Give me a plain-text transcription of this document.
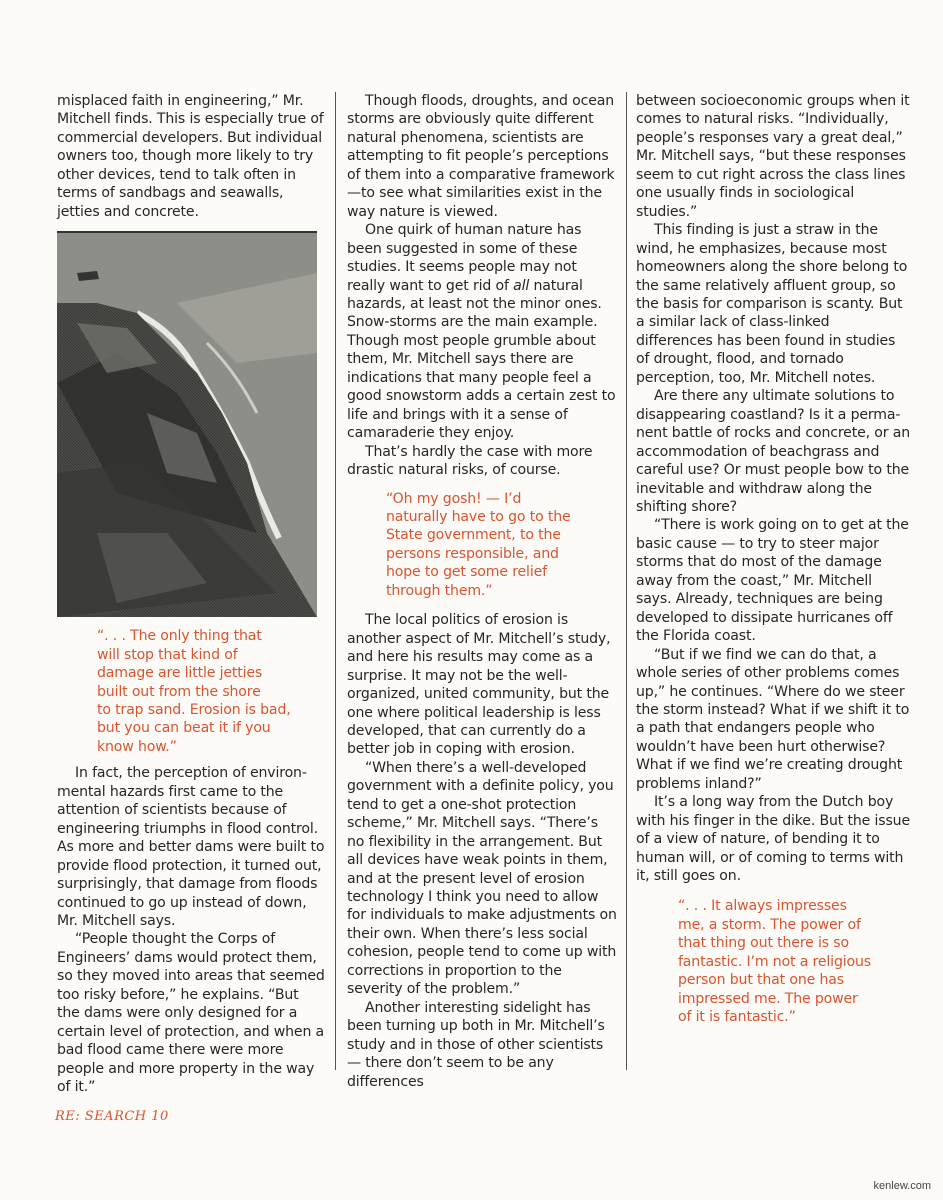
misplaced faith in engineering,” Mr. Mitchell finds. This is especially true of commercial developers. But individual owners too, though more likely to try other devices, tend to talk often in terms of sandbags and seawalls, jetties and concrete.

“. . . The only thing that
will stop that kind of
damage are little jetties
built out from the shore
to trap sand. Erosion is bad,
but you can beat it if you
know how.”

In fact, the perception of environ-mental hazards first came to the attention of scientists because of engineering triumphs in flood control. As more and better dams were built to provide flood protection, it turned out, surprisingly, that damage from floods continued to go up instead of down, Mr. Mitchell says.

“People thought the Corps of Engineers’ dams would protect them, so they moved into areas that seemed too risky before,” he explains. “But the dams were only designed for a certain level of protection, and when a bad flood came there were more people and more property in the way of it.”

Though floods, droughts, and ocean storms are obviously quite different natural phenomena, scientists are attempting to fit people’s perceptions of them into a comparative framework—to see what similarities exist in the way nature is viewed.

One quirk of human nature has been suggested in some of these studies. It seems people may not really want to get rid of all natural hazards, at least not the minor ones. Snow-storms are the main example. Though most people grumble about them, Mr. Mitchell says there are indications that many people feel a good snowstorm adds a certain zest to life and brings with it a sense of camaraderie they enjoy.

That’s hardly the case with more drastic natural risks, of course.

“Oh my gosh! — I’d
naturally have to go to the
State government, to the
persons responsible, and
hope to get some relief
through them.”

The local politics of erosion is another aspect of Mr. Mitchell’s study, and here his results may come as a surprise. It may not be the well-organized, united community, but the one where political leadership is less developed, that can currently do a better job in coping with erosion.

“When there’s a well-developed government with a definite policy, you tend to get a one-shot protection scheme,” Mr. Mitchell says. “There’s no flexibility in the arrangement. But all devices have weak points in them, and at the present level of erosion technology I think you need to allow for individuals to make adjustments on their own. When there’s less social cohesion, people tend to come up with corrections in proportion to the severity of the problem.”

Another interesting sidelight has been turning up both in Mr. Mitchell’s study and in those of other scientists — there don’t seem to be any differences

between socioeconomic groups when it comes to natural risks. “Individually, people’s responses vary a great deal,” Mr. Mitchell says, “but these responses seem to cut right across the class lines one usually finds in sociological studies.”

This finding is just a straw in the wind, he emphasizes, because most homeowners along the shore belong to the same relatively affluent group, so the basis for comparison is scanty. But a similar lack of class-linked differences has been found in studies of drought, flood, and tornado perception, too, Mr. Mitchell notes.

Are there any ultimate solutions to disappearing coastland? Is it a perma-nent battle of rocks and concrete, or an accommodation of beachgrass and careful use? Or must people bow to the inevitable and withdraw along the shifting shore?

“There is work going on to get at the basic cause — to try to steer major storms that do most of the damage away from the coast,” Mr. Mitchell says. Already, techniques are being developed to dissipate hurricanes off the Florida coast.

“But if we find we can do that, a whole series of other problems comes up,” he continues. “Where do we steer the storm instead? What if we shift it to a path that endangers people who wouldn’t have been hurt otherwise? What if we find we’re creating drought problems inland?”

It’s a long way from the Dutch boy with his finger in the dike. But the issue of a view of nature, of bending it to human will, or of coming to terms with it, still goes on.

“. . . It always impresses
me, a storm. The power of
that thing out there is so
fantastic. I’m not a religious
person but that one has
impressed me. The power
of it is fantastic.”
RE: SEARCH 10
kenlew.com
